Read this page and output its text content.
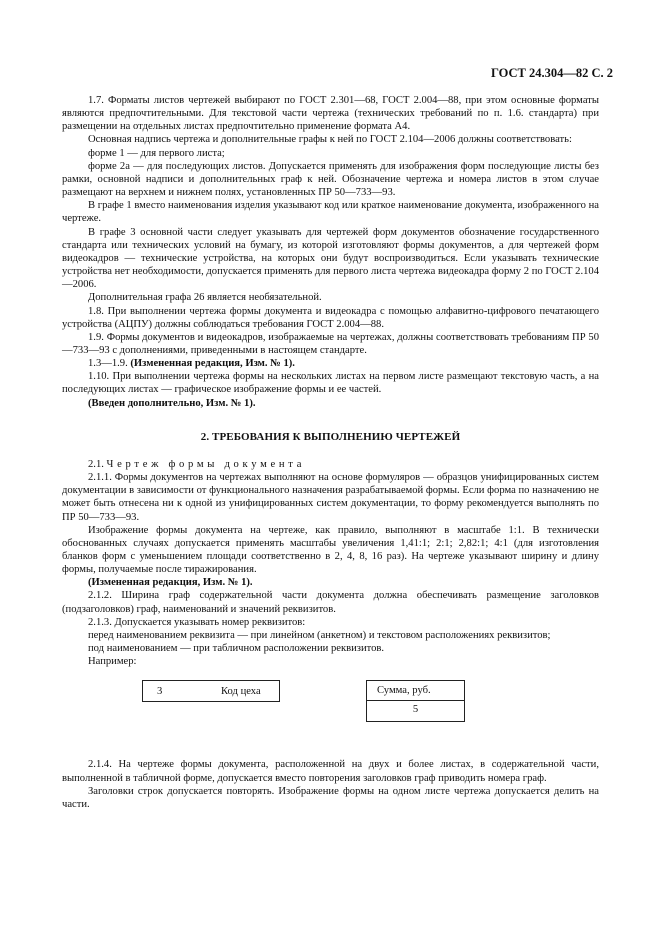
ГОСТ 24.304—82 С. 2

1.7. Форматы листов чертежей выбирают по ГОСТ 2.301—68, ГОСТ 2.004—88, при этом основные форматы являются предпочтительными. Для текстовой части чертежа (технических требований по п. 1.6. стандарта) при размещении на отдельных листах предпочтительно применение формата А4.

Основная надпись чертежа и дополнительные графы к ней по ГОСТ 2.104—2006 должны соответствовать:

форме 1 — для первого листа;

форме 2а — для последующих листов. Допускается применять для изображения форм последующие листы без рамки, основной надписи и дополнительных граф к ней. Обозначение чертежа и номера листов в этом случае размещают на верхнем и нижнем полях, установленных ПР 50—733—93.

В графе 1 вместо наименования изделия указывают код или краткое наименование документа, изображенного на чертеже.

В графе 3 основной части следует указывать для чертежей форм документов обозначение государственного стандарта или технических условий на бумагу, из которой изготовляют формы документов, а для чертежей форм видеокадров — технические устройства, на которых они будут воспроизводиться. Если указывать технические устройства нет необходимости, допускается применять для первого листа чертежа видеокадра форму 2 по ГОСТ 2.104—2006.

Дополнительная графа 26 является необязательной.

1.8. При выполнении чертежа формы документа и видеокадра с помощью алфавитно-цифрового печатающего устройства (АЦПУ) должны соблюдаться требования ГОСТ 2.004—88.

1.9. Формы документов и видеокадров, изображаемые на чертежах, должны соответствовать требованиям ПР 50—733—93 с дополнениями, приведенными в настоящем стандарте.

1.3—1.9. (Измененная редакция, Изм. № 1).

1.10. При выполнении чертежа формы на нескольких листах на первом листе размещают текстовую часть, а на последующих листах — графическое изображение формы и ее частей.

(Введен дополнительно, Изм. № 1).

2. ТРЕБОВАНИЯ К ВЫПОЛНЕНИЮ ЧЕРТЕЖЕЙ

2.1. Чертеж формы документа

2.1.1. Формы документов на чертежах выполняют на основе формуляров — образцов унифицированных систем документации в зависимости от функционального назначения разрабатываемой формы. Если форма по назначению не может быть отнесена ни к одной из унифицированных систем документации, то форму рекомендуется выполнять по ПР 50—733—93.

Изображение формы документа на чертеже, как правило, выполняют в масштабе 1:1. В технически обоснованных случаях допускается применять масштабы увеличения 1,41:1; 2:1; 2,82:1; 4:1 (для изготовления бланков форм с уменьшением площади соответственно в 2, 4, 8, 16 раз). На чертеже указывают ширину и длину формы, получаемые после тиражирования.

(Измененная редакция, Изм. № 1).

2.1.2. Ширина граф содержательной части документа должна обеспечивать размещение заголовков (подзаголовков) граф, наименований и значений реквизитов.

2.1.3. Допускается указывать номер реквизитов:

перед наименованием реквизита — при линейном (анкетном) и текстовом расположениях реквизитов;

под наименованием — при табличном расположении реквизитов.

Например:

3	Код цеха	Сумма, руб.
5

2.1.4. На чертеже формы документа, расположенной на двух и более листах, в содержательной части, выполненной в табличной форме, допускается вместо повторения заголовков граф приводить номера граф.

Заголовки строк допускается повторять. Изображение формы на одном листе чертежа допускается делить на части.
